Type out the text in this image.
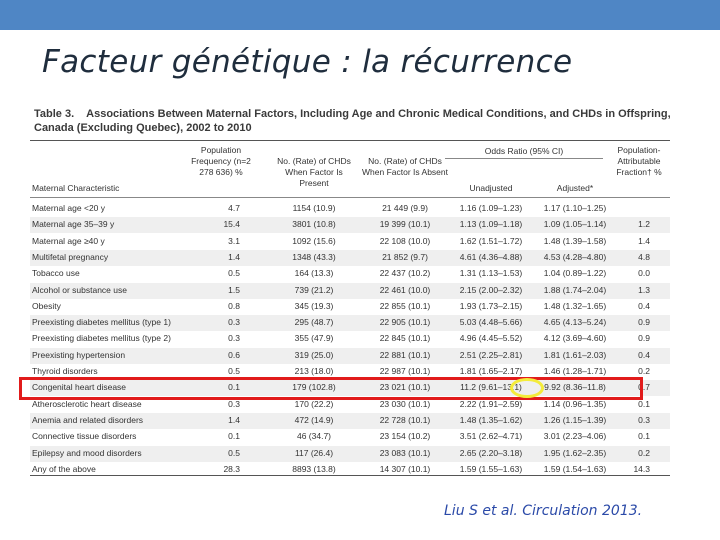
Facteur génétique : la récurrence
Table 3. Associations Between Maternal Factors, Including Age and Chronic Medical Conditions, and CHDs in Offspring, Canada (Excluding Quebec), 2002 to 2010
Population Frequency (n=2 278 636) %
No. (Rate) of CHDs When Factor Is Present
No. (Rate) of CHDs When Factor Is Absent
Odds Ratio (95% CI)
Unadjusted	Adjusted*
Population-Attributable Fraction† %
Maternal Characteristic
Maternal age <20 y	4.7	1154 (10.9)	21 449 (9.9)	1.16 (1.09–1.23)	1.17 (1.10–1.25)
Maternal age 35–39 y	15.4	3801 (10.8)	19 399 (10.1)	1.13 (1.09–1.18)	1.09 (1.05–1.14)	1.2
Maternal age ≥40 y	3.1	1092 (15.6)	22 108 (10.0)	1.62 (1.51–1.72)	1.48 (1.39–1.58)	1.4
Multifetal pregnancy	1.4	1348 (43.3)	21 852 (9.7)	4.61 (4.36–4.88)	4.53 (4.28–4.80)	4.8
Tobacco use	0.5	164 (13.3)	22 437 (10.2)	1.31 (1.13–1.53)	1.04 (0.89–1.22)	0.0
Alcohol or substance use	1.5	739 (21.2)	22 461 (10.0)	2.15 (2.00–2.32)	1.88 (1.74–2.04)	1.3
Obesity	0.8	345 (19.3)	22 855 (10.1)	1.93 (1.73–2.15)	1.48 (1.32–1.65)	0.4
Preexisting diabetes mellitus (type 1)	0.3	295 (48.7)	22 905 (10.1)	5.03 (4.48–5.66)	4.65 (4.13–5.24)	0.9
Preexisting diabetes mellitus (type 2)	0.3	355 (47.9)	22 845 (10.1)	4.96 (4.45–5.52)	4.12 (3.69–4.60)	0.9
Preexisting hypertension	0.6	319 (25.0)	22 881 (10.1)	2.51 (2.25–2.81)	1.81 (1.61–2.03)	0.4
Thyroid disorders	0.5	213 (18.0)	22 987 (10.1)	1.81 (1.65–2.17)	1.46 (1.28–1.71)	0.2
Congenital heart disease	0.1	179 (102.8)	23 021 (10.1)	11.2 (9.61–13.1)	9.92 (8.36–11.8)	0.7
Atherosclerotic heart disease	0.3	170 (22.2)	23 030 (10.1)	2.22 (1.91–2.59)	1.14 (0.96–1.35)	0.1
Anemia and related disorders	1.4	472 (14.9)	22 728 (10.1)	1.48 (1.35–1.62)	1.26 (1.15–1.39)	0.3
Connective tissue disorders	0.1	46 (34.7)	23 154 (10.2)	3.51 (2.62–4.71)	3.01 (2.23–4.06)	0.1
Epilepsy and mood disorders	0.5	117 (26.4)	23 083 (10.1)	2.65 (2.20–3.18)	1.95 (1.62–2.35)	0.2
Any of the above	28.3	8893 (13.8)	14 307 (10.1)	1.59 (1.55–1.63)	1.59 (1.54–1.63)	14.3
Liu S et al. Circulation 2013.
